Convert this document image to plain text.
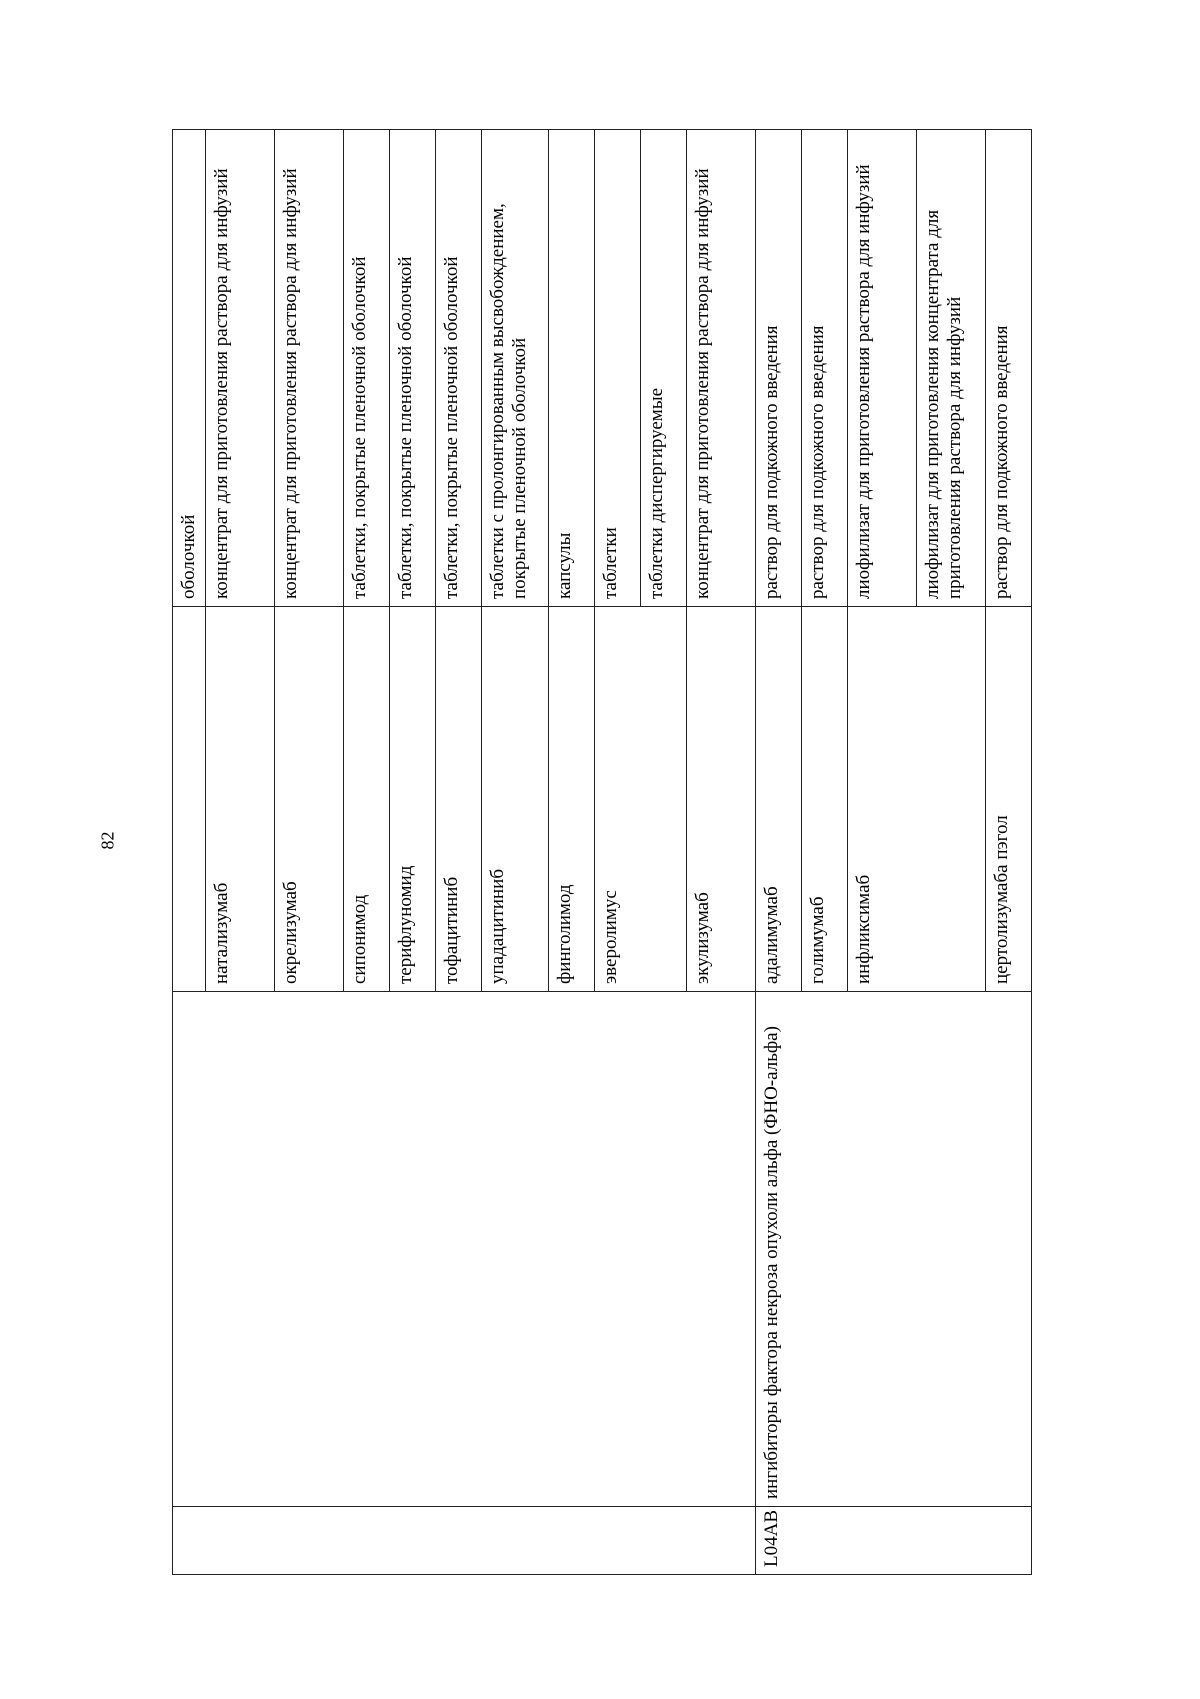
82
			оболочкой
		натализумаб	концентрат для приготовления раствора для инфузий
		окрелизумаб	концентрат для приготовления раствора для инфузий
		сипонимод	таблетки, покрытые пленочной оболочкой
		терифлуномид	таблетки, покрытые пленочной оболочкой
		тофацитиниб	таблетки, покрытые пленочной оболочкой
		упадацитиниб	таблетки с пролонгированным высвобождением, покрытые пленочной оболочкой
		финголимод	капсулы
		эверолимус	таблетки
			таблетки диспергируемые
		экулизумаб	концентрат для приготовления раствора для инфузий
L04AB	ингибиторы фактора некроза опухоли альфа (ФНО-альфа)	адалимумаб	раствор для подкожного введения
		голимумаб	раствор для подкожного введения
		инфликсимаб	лиофилизат для приготовления раствора для инфузий
			лиофилизат для приготовления концентрата для приготовления раствора для инфузий
		цертолизумаба пэгол	раствор для подкожного введения
